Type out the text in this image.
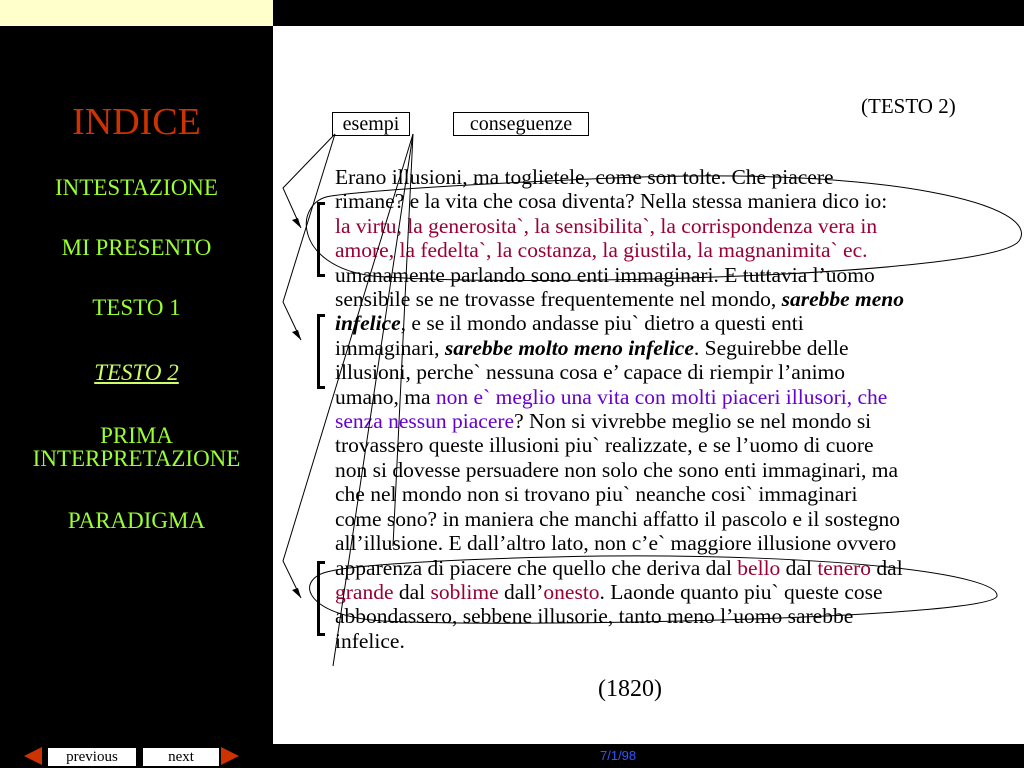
INDICE
INTESTAZIONE
MI PRESENTO
TESTO 1
TESTO 2
PRIMA
INTERPRETAZIONE
PARADIGMA
esempi	conseguenze
(TESTO 2)

Erano illusioni, ma toglietele, come son tolte. Che piacere

rimane? e la vita che cosa diventa? Nella stessa maniera dico io:

la virtu, la generosita`, la sensibilita`, la corrispondenza vera in

amore, la fedelta`, la costanza, la giustila, la magnanimita` ec.

umanamente parlando sono enti immaginari. E tuttavia l’uomo

sensibile se ne trovasse frequentemente nel mondo, sarebbe meno

infelice, e se il mondo andasse piu` dietro a questi enti

immaginari, sarebbe molto meno infelice. Seguirebbe delle

illusioni, perche` nessuna cosa e’ capace di riempir l’animo

umano, ma non e` meglio una vita con molti piaceri illusori, che

senza nessun piacere? Non si vivrebbe meglio se nel mondo si

trovassero queste illusioni piu` realizzate, e se l’uomo di cuore

non si dovesse persuadere non solo che sono enti immaginari, ma

che nel mondo non si trovano piu` neanche cosi` immaginari

come sono? in maniera che manchi affatto il pascolo e il sostegno

all’illusione. E dall’altro lato, non c’e` maggiore illusione ovvero

apparenza di piacere che quello che deriva dal bello dal tenero dal

grande dal soblime dall’onesto. Laonde quanto piu` queste cose

abbondassero, sebbene illusorie, tanto meno l’uomo sarebbe

infelice.

(1820)
previous	next	7/1/98
